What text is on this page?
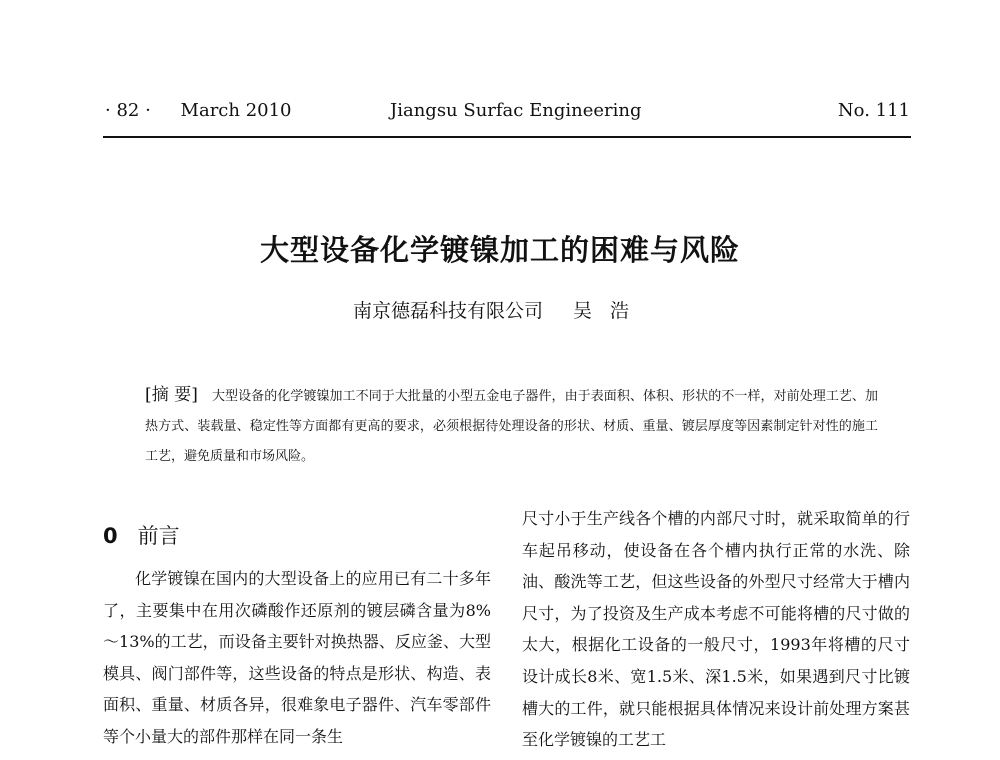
· 82 · March 2010	Jiangsu Surfac Engineering	No. 111
大型设备化学镀镍加工的困难与风险
南京德磊科技有限公司 吴浩
[摘 要] 大型设备的化学镀镍加工不同于大批量的小型五金电子器件，由于表面积、体积、形状的不一样，对前处理工艺、加热方式、装载量、稳定性等方面都有更高的要求，必须根据待处理设备的形状、材质、重量、镀层厚度等因素制定针对性的施工工艺，避免质量和市场风险。
0 前言

化学镀镍在国内的大型设备上的应用已有二十多年了，主要集中在用次磷酸作还原剂的镀层磷含量为8%～13%的工艺，而设备主要针对换热器、反应釜、大型模具、阀门部件等，这些设备的特点是形状、构造、表面积、重量、材质各异，很难象电子器件、汽车零部件等个小量大的部件那样在同一条生

尺寸小于生产线各个槽的内部尺寸时，就采取简单的行车起吊移动，使设备在各个槽内执行正常的水洗、除油、酸洗等工艺，但这些设备的外型尺寸经常大于槽内尺寸，为了投资及生产成本考虑不可能将槽的尺寸做的太大，根据化工设备的一般尺寸，1993年将槽的尺寸设计成长8米、宽1.5米、深1.5米，如果遇到尺寸比镀槽大的工件，就只能根据具体情况来设计前处理方案甚至化学镀镍的工艺工
